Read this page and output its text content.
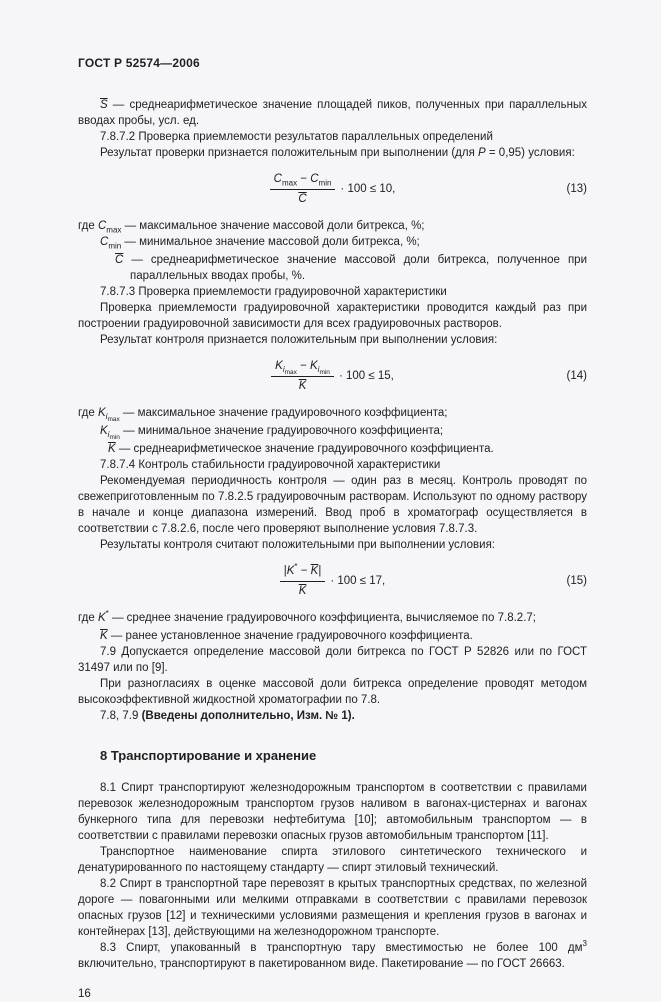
ГОСТ Р 52574—2006

$\overline{S}$ — среднеарифметическое значение площадей пиков, полученных при параллельных вводах пробы, усл. ед.

7.8.7.2 Проверка приемлемости результатов параллельных определений

Результат проверки признается положительным при выполнении (для P = 0,95) условия:

$\frac{C_{max} - C_{min}}{C} \cdot 100 \le 10$,	(13)
где $C_{max}$ — максимальное значение массовой доли битрекса, %;
$C_{min}$ — минимальное значение массовой доли битрекса, %;
$\overline{C}$ — среднеарифметическое значение массовой доли битрекса, полученное при параллельных вводах пробы, %.

7.8.7.3 Проверка приемлемости градуировочной характеристики

Проверка приемлемости градуировочной характеристики проводится каждый раз при построении градуировочной зависимости для всех градуировочных растворов.

Результат контроля признается положительным при выполнении условия:

$\frac{K_{i_{max}} - K_{i_{min}}}{K} \cdot 100 \le 15$,	(14)
где $K_{i_{max}}$ — максимальное значение градуировочного коэффициента;
$K_{i_{min}}$ — минимальное значение градуировочного коэффициента;
$\overline{K}$ — среднеарифметическое значение градуировочного коэффициента.

7.8.7.4 Контроль стабильности градуировочной характеристики

Рекомендуемая периодичность контроля — один раз в месяц. Контроль проводят по свежеприготовленным по 7.8.2.5 градуировочным растворам. Используют по одному раствору в начале и конце диапазона измерений. Ввод проб в хроматограф осуществляется в соответствии с 7.8.2.6, после чего проверяют выполнение условия 7.8.7.3.

Результаты контроля считают положительными при выполнении условия:

$\frac{|K^* - \overline{K}|}{K} \cdot 100 \le 17$,	(15)
где K* — среднее значение градуировочного коэффициента, вычисляемое по 7.8.2.7;
$\overline{K}$ — ранее установленное значение градуировочного коэффициента.

7.9 Допускается определение массовой доли битрекса по ГОСТ Р 52826 или по ГОСТ 31497 или по [9].

При разногласиях в оценке массовой доли битрекса определение проводят методом высокоэффективной жидкостной хроматографии по 7.8.

7.8, 7.9 (Введены дополнительно, Изм. № 1).

8 Транспортирование и хранение

8.1 Спирт транспортируют железнодорожным транспортом в соответствии с правилами перевозок железнодорожным транспортом грузов наливом в вагонах-цистернах и вагонах бункерного типа для перевозки нефтебитума [10]; автомобильным транспортом — в соответствии с правилами перевозки опасных грузов автомобильным транспортом [11].

Транспортное наименование спирта этилового синтетического технического и денатурированного по настоящему стандарту — спирт этиловый технический.

8.2 Спирт в транспортной таре перевозят в крытых транспортных средствах, по железной дороге — повагонными или мелкими отправками в соответствии с правилами перевозок опасных грузов [12] и техническими условиями размещения и крепления грузов в вагонах и контейнерах [13], действующими на железнодорожном транспорте.

8.3 Спирт, упакованный в транспортную тару вместимостью не более 100 $дм^3$ включительно, транспортируют в пакетированном виде. Пакетирование — по ГОСТ 26663.

16
